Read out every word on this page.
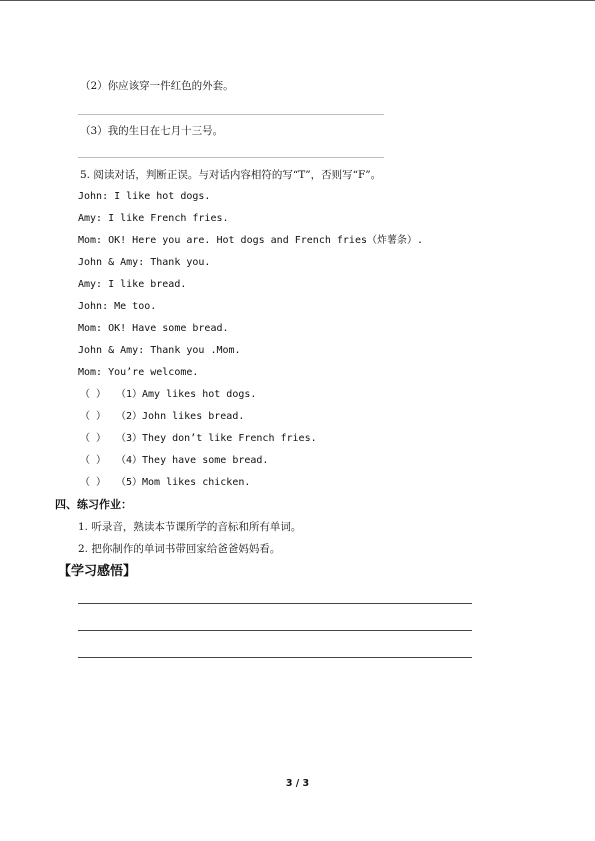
（2）你应该穿一件红色的外套。
（3）我的生日在七月十三号。
5. 阅读对话，判断正误。与对话内容相符的写“T”，否则写“F”。
John: I like hot dogs.
Amy: I like French fries.
Mom: OK! Here you are. Hot dogs and French fries（炸薯条）.
John & Amy: Thank you.
Amy: I like bread.
John: Me too.
Mom: OK! Have some bread.
John & Amy: Thank you .Mom.
Mom: You’re welcome.
（ ） （1）Amy likes hot dogs.
（ ） （2）John likes bread.
（ ） （3）They don’t like French fries.
（ ） （4）They have some bread.
（ ） （5）Mom likes chicken.
四、练习作业：
1. 听录音，熟读本节课所学的音标和所有单词。
2. 把你制作的单词书带回家给爸爸妈妈看。
【学习感悟】
3 / 3
